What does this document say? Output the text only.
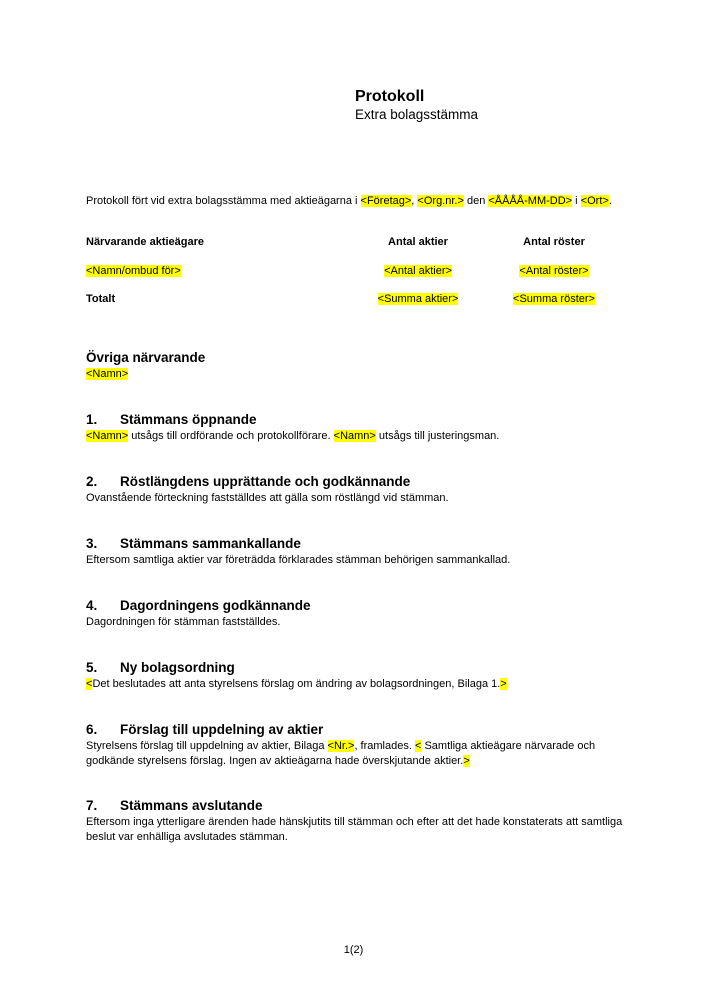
Protokoll
Extra bolagsstämma
Protokoll fört vid extra bolagsstämma med aktieägarna i <Företag>, <Org.nr.> den <ÅÅÅÅ-MM-DD> i <Ort>.
Närvarande aktieägare	Antal aktier	Antal röster
<Namn/ombud för>	<Antal aktier>	<Antal röster>
Totalt	<Summa aktier>	<Summa röster>
Övriga närvarande
<Namn>
1.	Stämmans öppnande
<Namn> utsågs till ordförande och protokollförare. <Namn> utsågs till justeringsman.
2.	Röstlängdens upprättande och godkännande
Ovanstående förteckning fastställdes att gälla som röstlängd vid stämman.
3.	Stämmans sammankallande
Eftersom samtliga aktier var företrädda förklarades stämman behörigen sammankallad.
4.	Dagordningens godkännande
Dagordningen för stämman fastställdes.
5.	Ny bolagsordning
<Det beslutades att anta styrelsens förslag om ändring av bolagsordningen, Bilaga 1.>
6.	Förslag till uppdelning av aktier
Styrelsens förslag till uppdelning av aktier, Bilaga <Nr.>, framlades. < Samtliga aktieägare närvarade och godkände styrelsens förslag. Ingen av aktieägarna hade överskjutande aktier.>
7.	Stämmans avslutande
Eftersom inga ytterligare ärenden hade hänskjutits till stämman och efter att det hade konstaterats att samtliga beslut var enhälliga avslutades stämman.
1(2)
